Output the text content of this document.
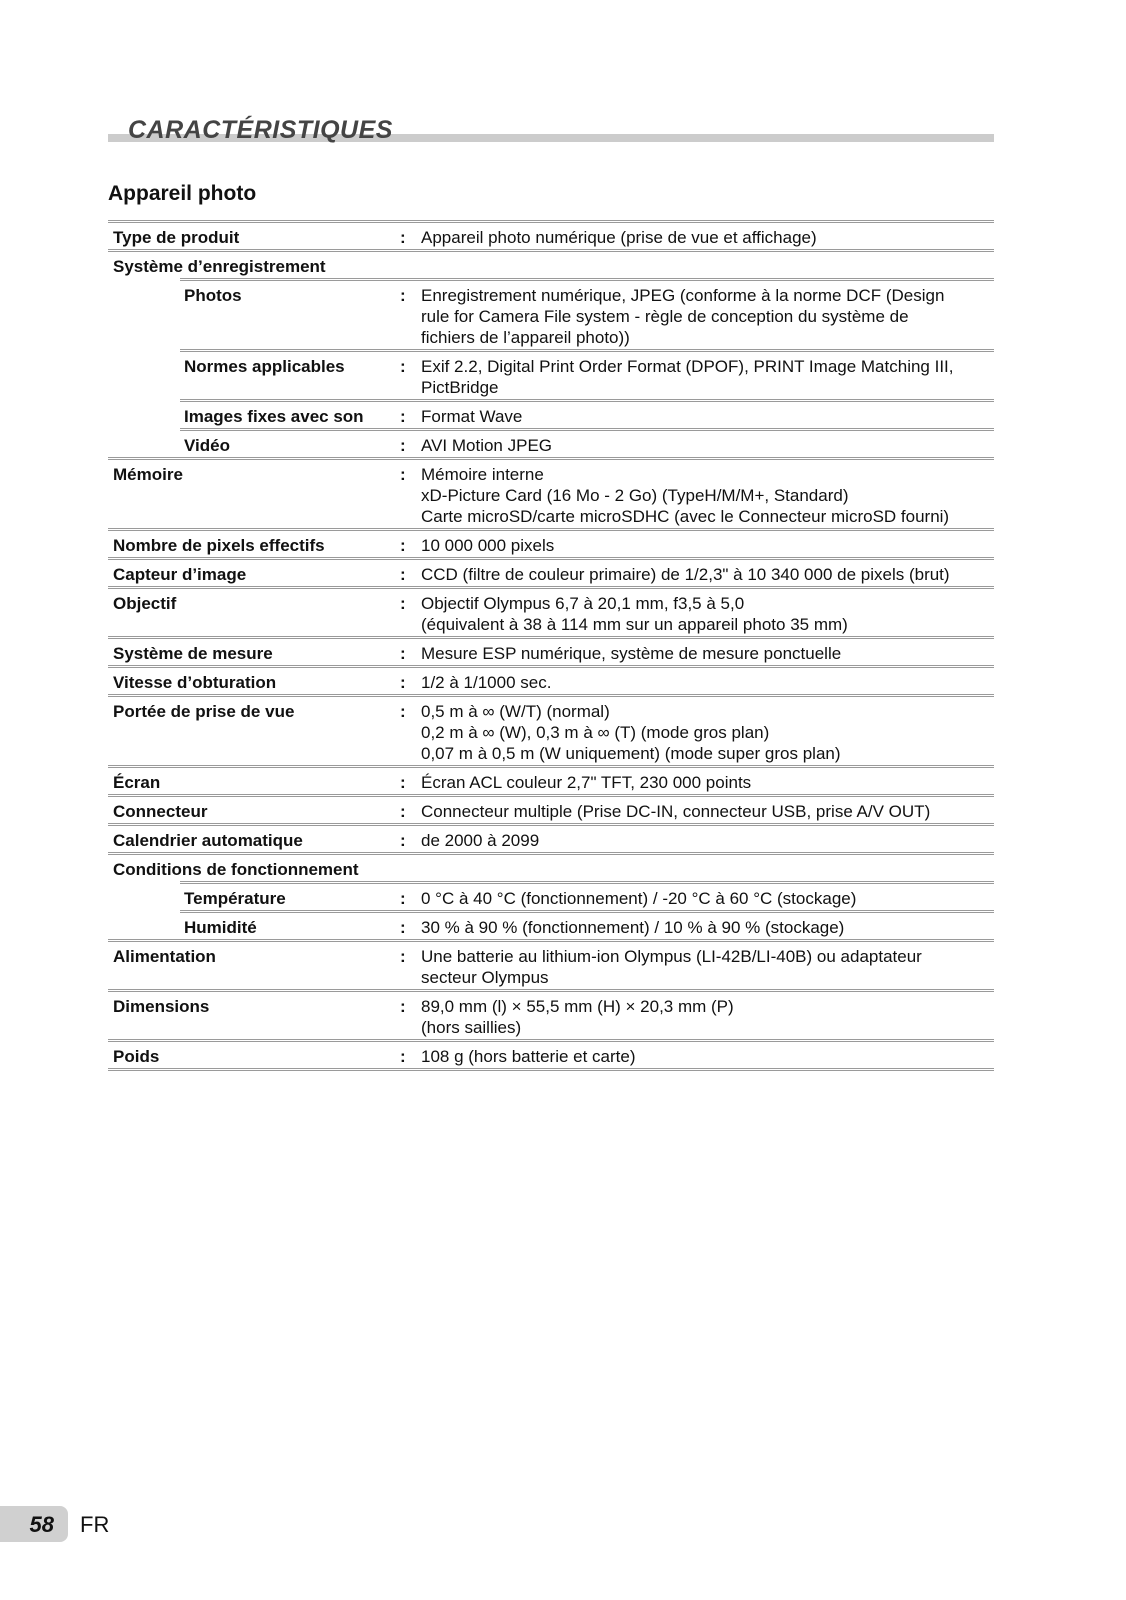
CARACTÉRISTIQUES
Appareil photo
Type de produit	: Appareil photo numérique (prise de vue et affichage)
Système d’enregistrement
Photos	: Enregistrement numérique, JPEG (conforme à la norme DCF (Design
rule for Camera File system - règle de conception du système de
fichiers de l’appareil photo))
Normes applicables	: Exif 2.2, Digital Print Order Format (DPOF), PRINT Image Matching III,
PictBridge
Images fixes avec son	: Format Wave
Vidéo	: AVI Motion JPEG
Mémoire	: Mémoire interne
xD-Picture Card (16 Mo - 2 Go) (TypeH/M/M+, Standard)
Carte microSD/carte microSDHC (avec le Connecteur microSD fourni)
Nombre de pixels effectifs	: 10 000 000 pixels
Capteur d’image	: CCD (filtre de couleur primaire) de 1/2,3" à 10 340 000 de pixels (brut)
Objectif	: Objectif Olympus 6,7 à 20,1 mm, f3,5 à 5,0
(équivalent à 38 à 114 mm sur un appareil photo 35 mm)
Système de mesure	: Mesure ESP numérique, système de mesure ponctuelle
Vitesse d’obturation	: 1/2 à 1/1000 sec.
Portée de prise de vue	: 0,5 m à ∞ (W/T) (normal)
0,2 m à ∞ (W), 0,3 m à ∞ (T) (mode gros plan)
0,07 m à 0,5 m (W uniquement) (mode super gros plan)
Écran	: Écran ACL couleur 2,7" TFT, 230 000 points
Connecteur	: Connecteur multiple (Prise DC-IN, connecteur USB, prise A/V OUT)
Calendrier automatique	: de 2000 à 2099
Conditions de fonctionnement
Température	: 0 °C à 40 °C (fonctionnement) / -20 °C à 60 °C (stockage)
Humidité	: 30 % à 90 % (fonctionnement) / 10 % à 90 % (stockage)
Alimentation	: Une batterie au lithium-ion Olympus (LI-42B/LI-40B) ou adaptateur
secteur Olympus
Dimensions	: 89,0 mm (l) × 55,5 mm (H) × 20,3 mm (P)
(hors saillies)
Poids	: 108 g (hors batterie et carte)
58 FR
